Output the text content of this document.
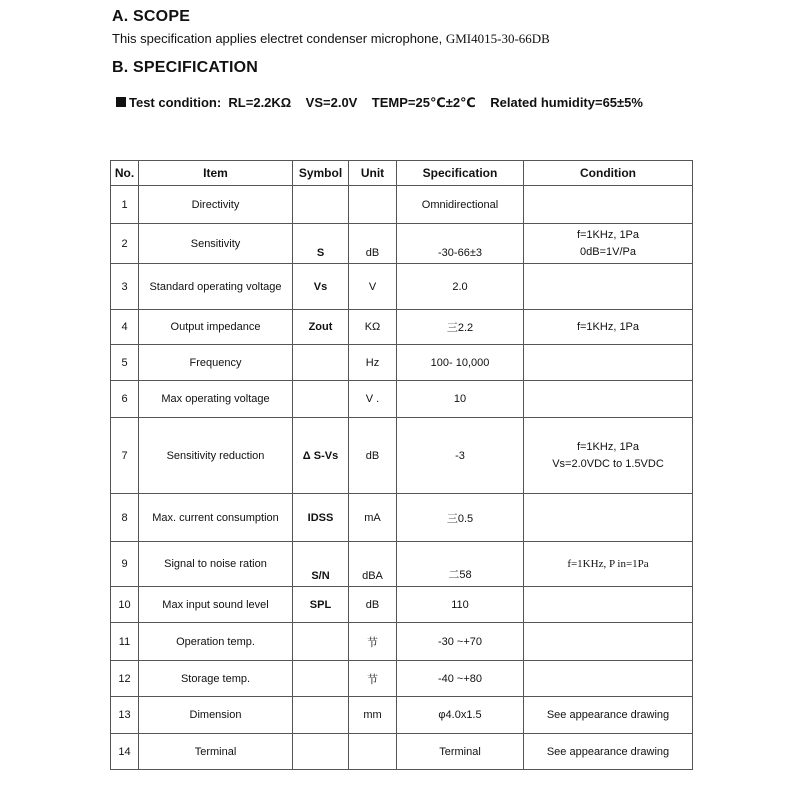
A. SCOPE
This specification applies electret condenser microphone, GMI4015-30-66DB
B. SPECIFICATION
Test condition:  RL=2.2KΩ    VS=2.0V    TEMP=25℃±2℃    Related humidity=65±5%
No.	Item	Symbol	Unit	Specification	Condition
1	Directivity			Omnidirectional	
2	Sensitivity	S	dB	-30-66±3	f=1KHz, 1Pa
0dB=1V/Pa

3	Standard operating voltage	Vs	V	2.0	
4	Output impedance	Zout	KΩ	三2.2	f=1KHz, 1Pa
5	Frequency		Hz	100- 10,000	
6	Max operating voltage		V .	10	
7	Sensitivity reduction	Δ S-Vs	dB	-3	f=1KHz, 1Pa
Vs=2.0VDC to 1.5VDC

8	Max. current consumption	IDSS	mA	三0.5	
9	Signal to noise ration	S/N	dBA	二58	f=1KHz, P in=1Pa
10	Max input sound level	SPL	dB	110	
11	Operation temp.		节	-30 ~+70	
12	Storage temp.		节	-40 ~+80	
13	Dimension		mm	φ4.0x1.5	See appearance drawing
14	Terminal			Terminal	See appearance drawing
